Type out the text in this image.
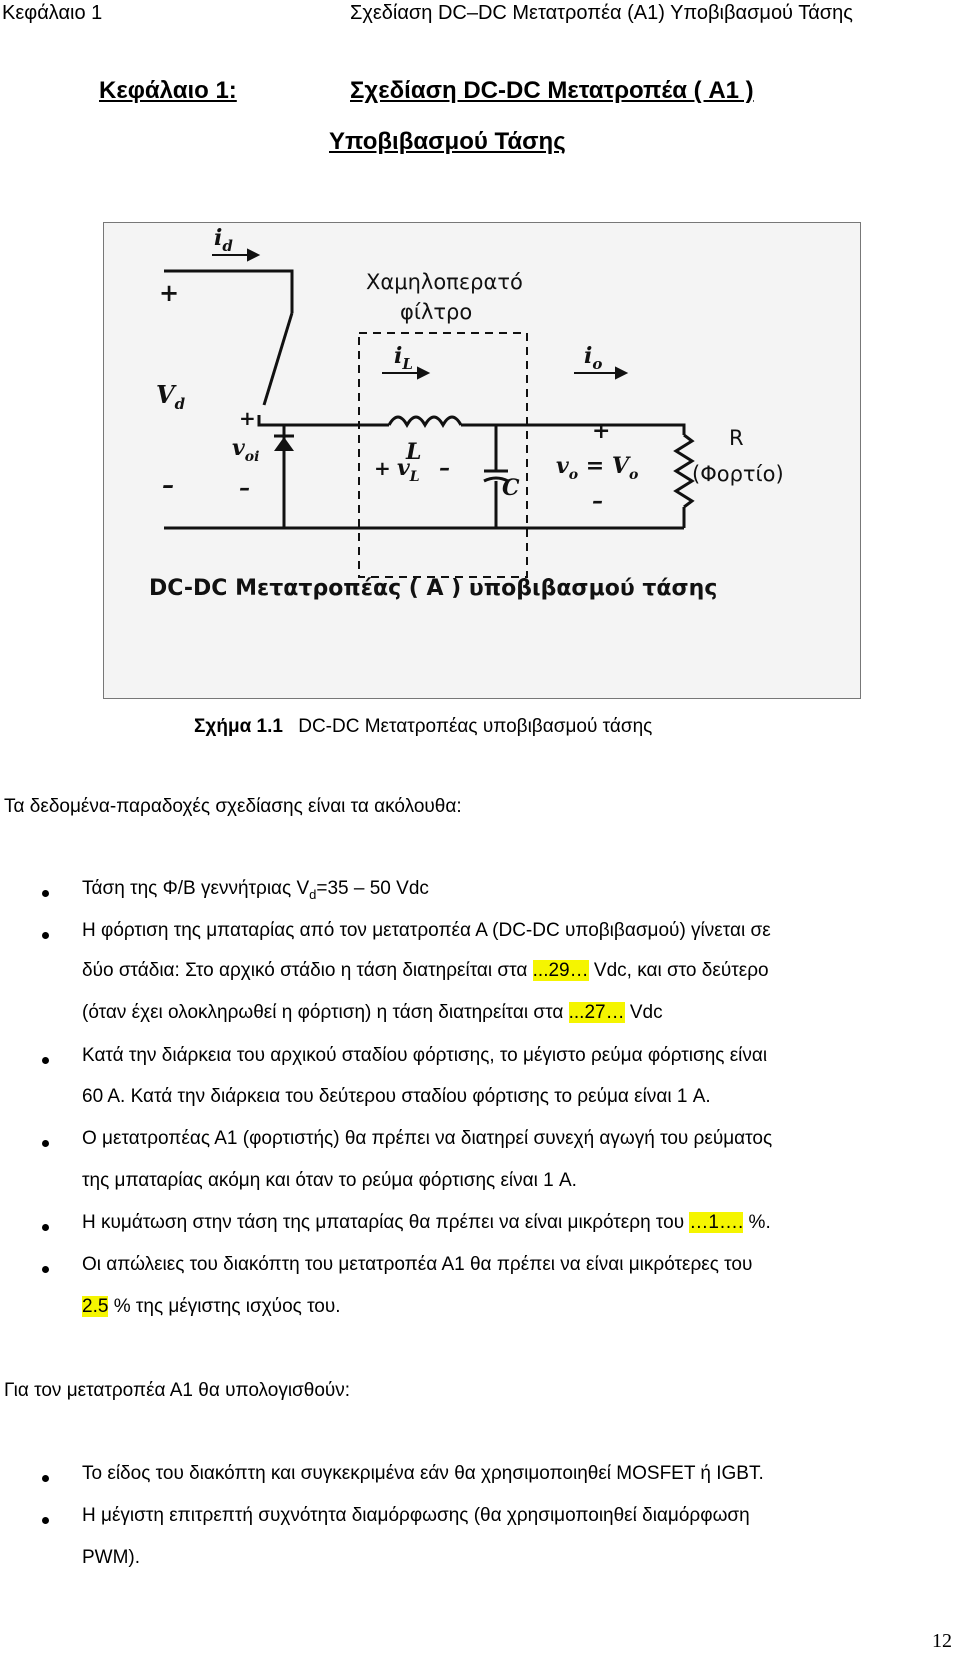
Κεφάλαιο 1	Σχεδίαση DC–DC Μετατροπέα (A1) Υποβιβασμού Τάσης
Κεφάλαιο 1:	Σχεδίαση DC-DC Μετατροπέα ( A1 )
Υποβιβασμού Τάσης
$i_d$
+
$V_d$
–
+
$v_{oi}$
–
$i_L$	$i_o$
L
+ $v_L$ –
C
+
$v_o = V_o$
–
R
(Φορτίο)
Χαμηλοπερατό
φίλτρο
DC-DC Μετατροπέας ( A ) υποβιβασμού τάσης
Σχήμα 1.1 DC-DC Μετατροπέας υποβιβασμού τάσης
Τα δεδομένα-παραδοχές σχεδίασης είναι τα ακόλουθα:
Τάση της Φ/Β γεννήτριας $V_d=35 - 50$ Vdc
Η φόρτιση της μπαταρίας από τον μετατροπέα Α (DC-DC υποβιβασμού) γίνεται σε
δύο στάδια: Στο αρχικό στάδιο η τάση διατηρείται στα ...29… Vdc, και στο δεύτερο
(όταν έχει ολοκληρωθεί η φόρτιση) η τάση διατηρείται στα ...27… Vdc
Κατά την διάρκεια του αρχικού σταδίου φόρτισης, το μέγιστο ρεύμα φόρτισης είναι
60 A. Κατά την διάρκεια του δεύτερου σταδίου φόρτισης το ρεύμα είναι 1 A.
Ο μετατροπέας Α1 (φορτιστής) θα πρέπει να διατηρεί συνεχή αγωγή του ρεύματος
της μπαταρίας ακόμη και όταν το ρεύμα φόρτισης είναι 1 A.
Η κυμάτωση στην τάση της μπαταρίας θα πρέπει να είναι μικρότερη του …1…. %.
Οι απώλειες του διακόπτη του μετατροπέα Α1 θα πρέπει να είναι μικρότερες του
2.5 % της μέγιστης ισχύος του.
Για τον μετατροπέα Α1 θα υπολογισθούν:
Το είδος του διακόπτη και συγκεκριμένα εάν θα χρησιμοποιηθεί MOSFET ή IGBT.
Η μέγιστη επιτρεπτή συχνότητα διαμόρφωσης (θα χρησιμοποιηθεί διαμόρφωση
PWM).
12
